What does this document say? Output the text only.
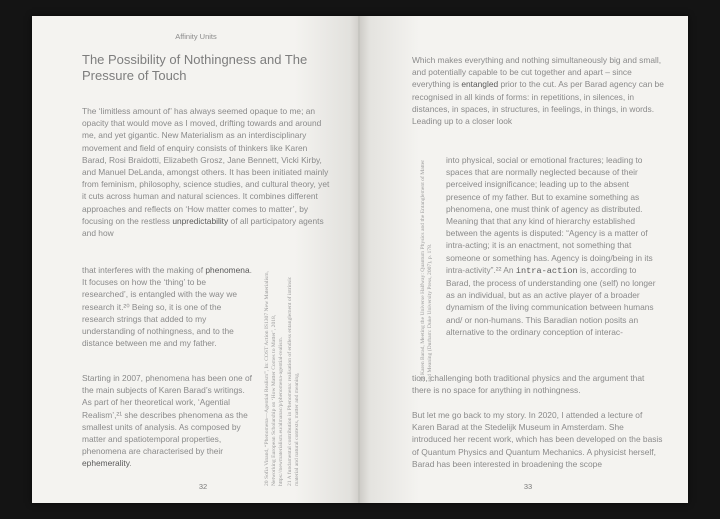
Affinity Units
The Possibility of Nothingness and The Pressure of Touch

The ‘limitless amount of’ has always seemed opaque to me; an opacity that would move as I moved, drifting towards and around me, and yet gigantic. New Materialism as an interdisciplinary movement and field of enquiry consists of thinkers like Karen Barad, Rosi Braidotti, Elizabeth Grosz, Jane Bennett, Vicki Kirby, and Manuel DeLanda, amongst others. It has been initiated mainly from feminism, philosophy, science studies, and cultural theory, yet it cuts across human and natural sciences. It combines different approaches and reflects on ‘How matter comes to matter’, by focusing on the restless unpredictability of all participatory agents and how

that interferes with the making of phenomena. It focuses on how the ‘thing’ to be researched’, is entangled with the way we research it.²⁰ Being so, it is one of the research strings that added to my understanding of nothingness, and to the distance between me and my father.

Starting in 2007, phenomena has been one of the main subjects of Karen Barad’s writings. As part of her theoretical work, ‘Agential Realism’,²¹ she describes phenomena as the smallest units of analysis. As composed by matter and spatiotemporal properties, phenomena are characterised by their ephemerality.	20 Sofia Vinand, “Phenomena—Agential Realism”, In: COST Action IS1307 New Materialism, Networking European Scholarship on ‘How Matter Comes to Matter’, 2018, https://newmaterialism.eu/almanac/p/phenomena-agential-realism. 21 A fundamental contribution in Phenomena: realisation of endless entanglement of intrinsic material and natural contexts, matter and meaning,
32

Which makes everything and nothing simultaneously big and small, and potentially capable to be cut together and apart – since everything is entangled prior to the cut. As per Barad agency can be recognised in all kinds of forms: in repetitions, in silences, in distances, in spaces, in structures, in feelings, in things, in words. Leading up to a closer look

22 Karen Barad, Meeting the Universe Halfway: Quantum Physics and the Entanglement of Matter and Meaning (Durham: Duke University Press, 2007), p. 178.

into physical, social or emotional fractures; leading to spaces that are normally neglected because of their perceived insignificance; leading up to the absent presence of my father. But to examine something as phenomena, one must think of agency as distributed. Meaning that that any kind of hierarchy established between the agents is disputed: “Agency is a matter of intra-acting; it is an enactment, not something that someone or something has. Agency is doing/being in its intra-activity”.²² An intra-action is, according to Barad, the process of understanding one (self) no longer as an individual, but as an active player of a broader dynamism of the living communication between humans and/ or non-humans. This Baradian notion posits an alternative to the ordinary conception of interac-

tion, challenging both traditional physics and the argument that there is no space for anything in nothingness.

But let me go back to my story. In 2020, I attended a lecture of Karen Barad at the Stedelijk Museum in Amsterdam. She introduced her recent work, which has been developed on the basis of Quantum Physics and Quantum Mechanics. A physicist herself, Barad has been interested in broadening the scope

33
